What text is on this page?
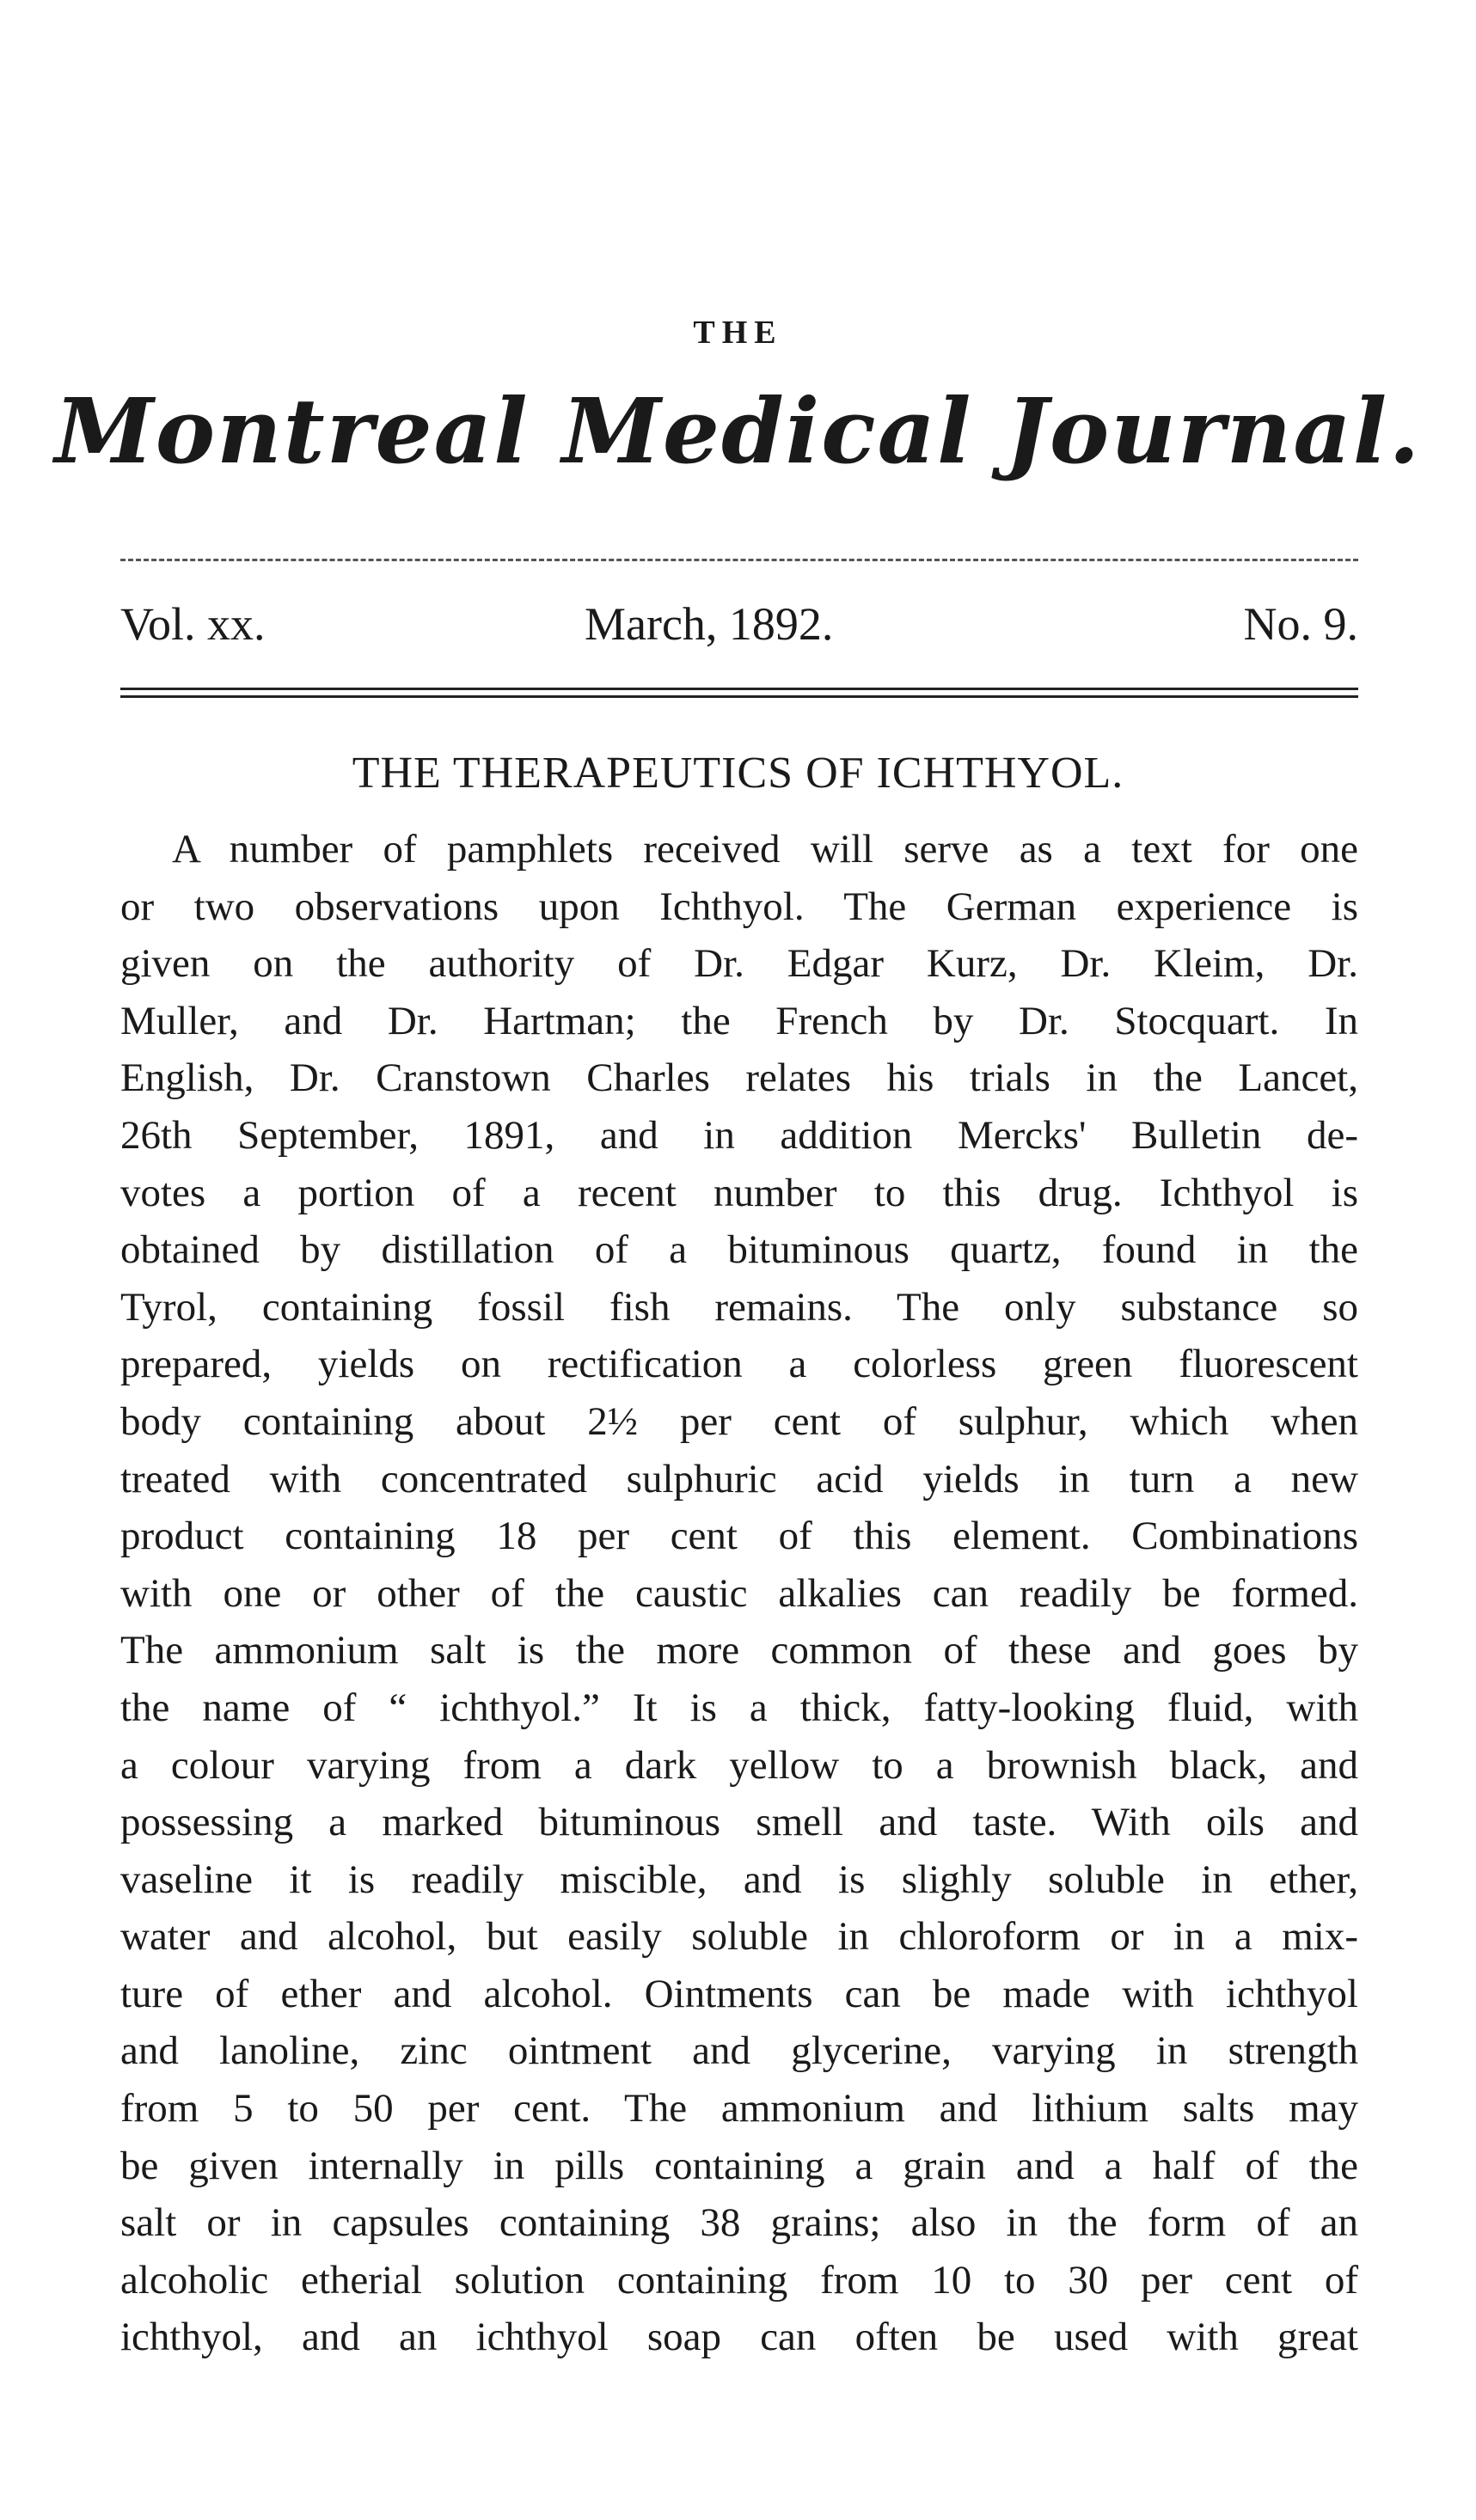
THE
Montreal Medical Journal.
Vol. xx.	March, 1892.	No. 9.
THE THERAPEUTICS OF ICHTHYOL.
A number of pamphlets received will serve as a text for one
or two observations upon Ichthyol. The German experience is
given on the authority of Dr. Edgar Kurz, Dr. Kleim, Dr.
Muller, and Dr. Hartman; the French by Dr. Stocquart. In
English, Dr. Cranstown Charles relates his trials in the Lancet,
26th September, 1891, and in addition Mercks' Bulletin de-
votes a portion of a recent number to this drug. Ichthyol is
obtained by distillation of a bituminous quartz, found in the
Tyrol, containing fossil fish remains. The only substance so
prepared, yields on rectification a colorless green fluorescent
body containing about 2½ per cent of sulphur, which when
treated with concentrated sulphuric acid yields in turn a new
product containing 18 per cent of this element. Combinations
with one or other of the caustic alkalies can readily be formed.
The ammonium salt is the more common of these and goes by
the name of “ ichthyol.” It is a thick, fatty-looking fluid, with
a colour varying from a dark yellow to a brownish black, and
possessing a marked bituminous smell and taste. With oils and
vaseline it is readily miscible, and is slighly soluble in ether,
water and alcohol, but easily soluble in chloroform or in a mix-
ture of ether and alcohol. Ointments can be made with ichthyol
and lanoline, zinc ointment and glycerine, varying in strength
from 5 to 50 per cent. The ammonium and lithium salts may
be given internally in pills containing a grain and a half of the
salt or in capsules containing 38 grains; also in the form of an
alcoholic etherial solution containing from 10 to 30 per cent of
ichthyol, and an ichthyol soap can often be used with great
